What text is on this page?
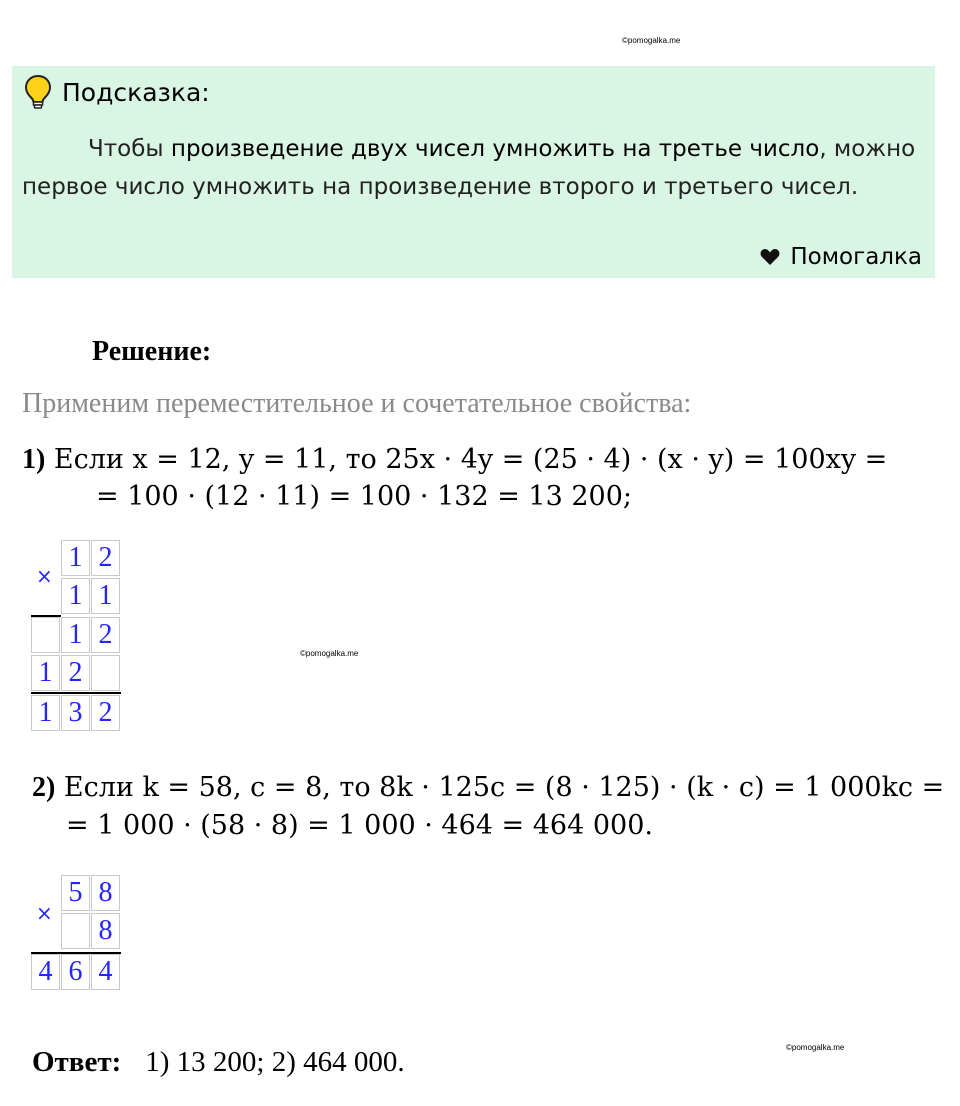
©pomogalka.me
©pomogalka.me
©pomogalka.me
Подсказка:
Чтобы произведение двух чисел умножить на третье число, можно первое число умножить на произведение второго и третьего чисел.
Помогалка
Решение:
Применим переместительное и сочетательное свойства:
1) Если x = 12, y = 11, то 25x · 4y = (25 · 4) · (x · y) = 100xy =
= 100 · (12 · 11) = 100 · 132 = 13 200;
×
1 2
1 1
1 2
1 2
1 3 2
2) Если k = 58, c = 8, то 8k · 125c = (8 · 125) · (k · c) = 1 000kc =
= 1 000 · (58 · 8) = 1 000 · 464 = 464 000.
×
5 8
8
4 6 4
Ответ: 1) 13 200; 2) 464 000.
